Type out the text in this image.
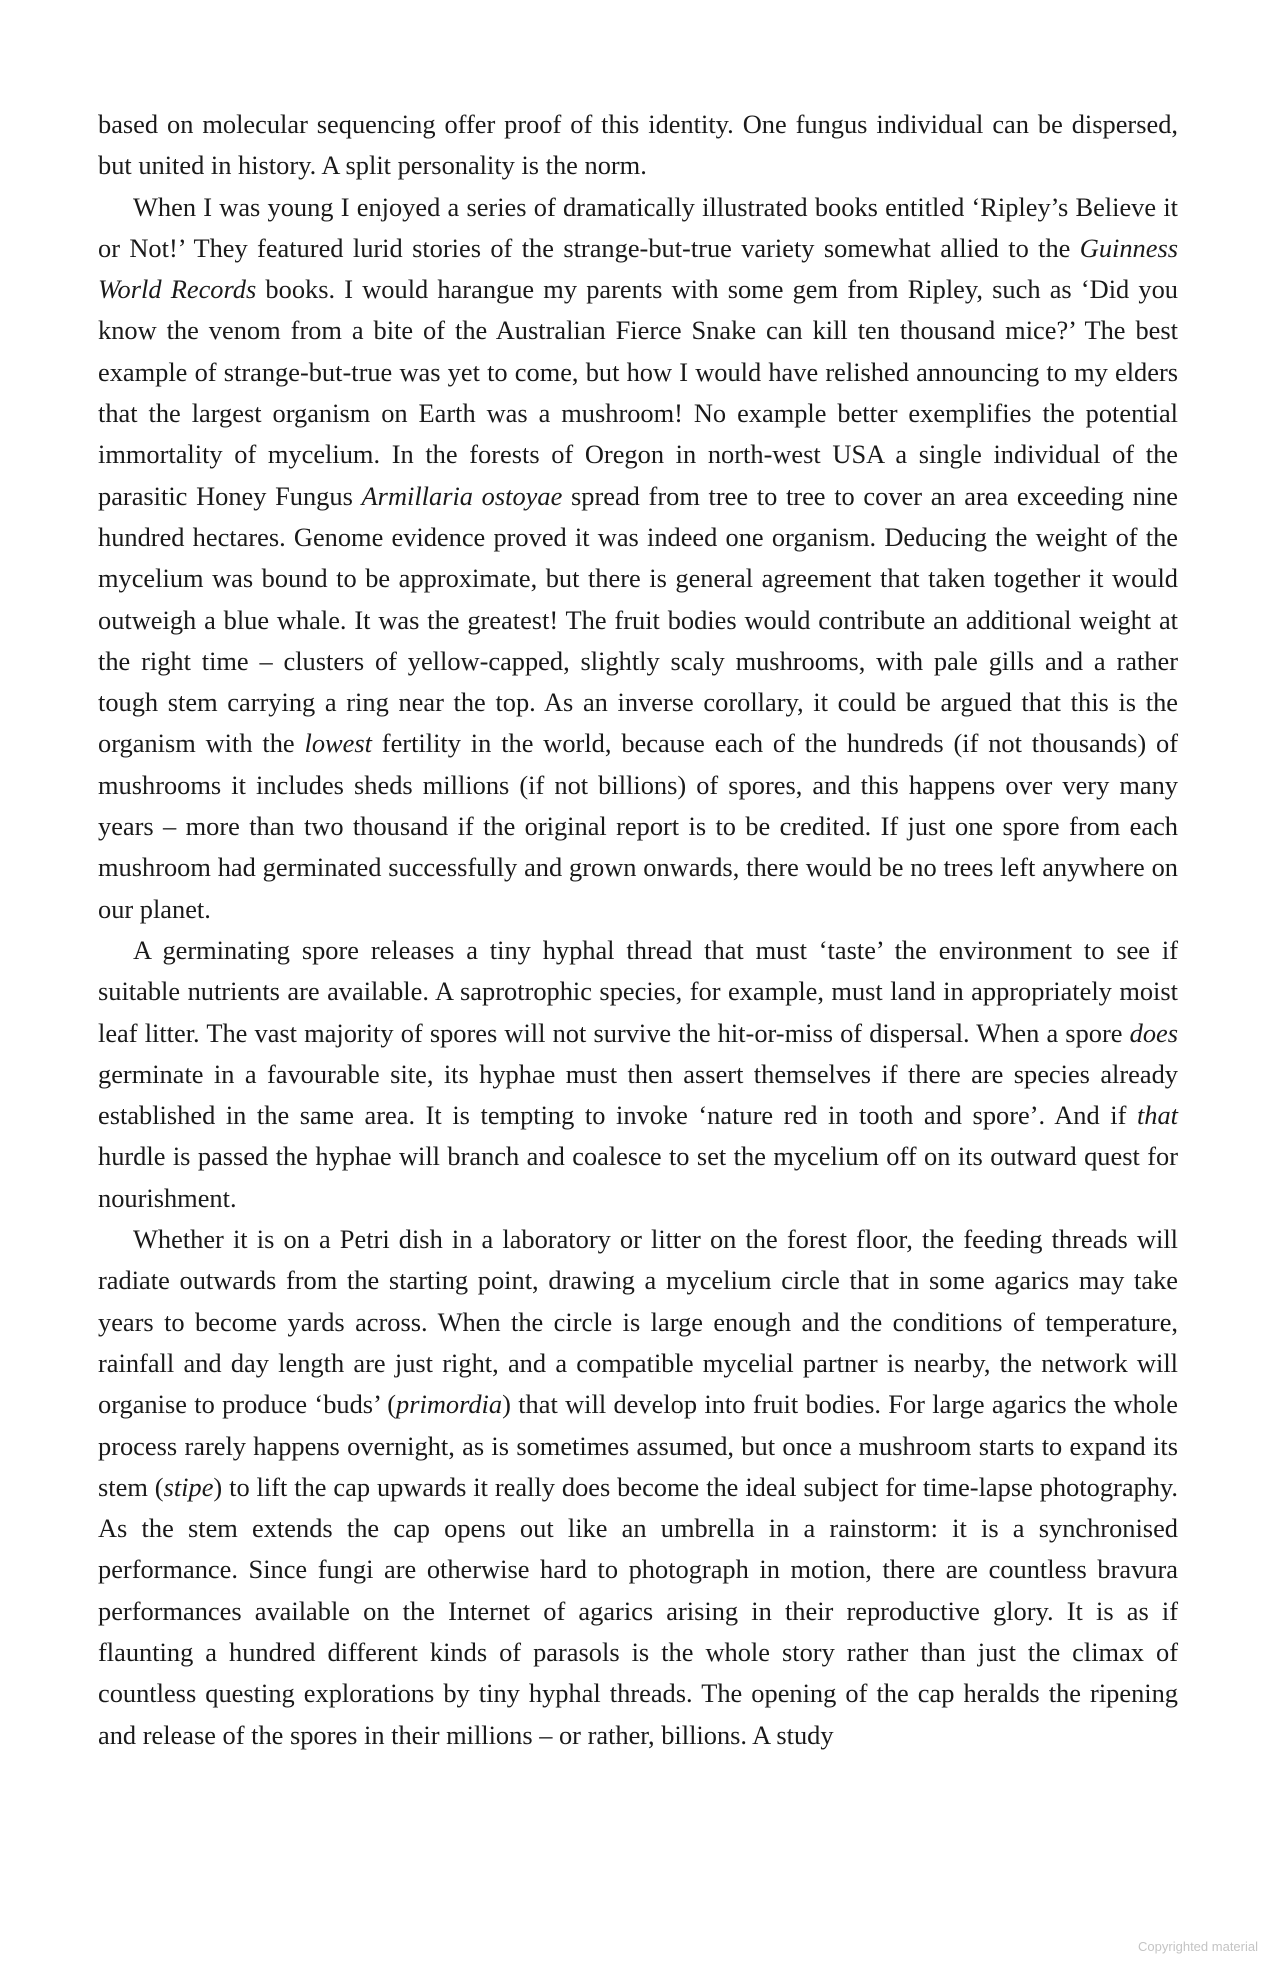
based on molecular sequencing offer proof of this identity. One fungus individual can be dispersed, but united in history. A split personality is the norm.

When I was young I enjoyed a series of dramatically illustrated books entitled ‘Ripley’s Believe it or Not!’ They featured lurid stories of the strange-but-true variety somewhat allied to the Guinness World Records books. I would harangue my parents with some gem from Ripley, such as ‘Did you know the venom from a bite of the Australian Fierce Snake can kill ten thousand mice?’ The best example of strange-but-true was yet to come, but how I would have relished announcing to my elders that the largest organism on Earth was a mushroom! No example better exemplifies the potential immortality of mycelium. In the forests of Oregon in north-west USA a single individual of the parasitic Honey Fungus Armillaria ostoyae spread from tree to tree to cover an area exceeding nine hundred hectares. Genome evidence proved it was indeed one organism. Deducing the weight of the mycelium was bound to be approximate, but there is general agreement that taken together it would outweigh a blue whale. It was the greatest! The fruit bodies would contribute an additional weight at the right time – clusters of yellow-capped, slightly scaly mushrooms, with pale gills and a rather tough stem carrying a ring near the top. As an inverse corollary, it could be argued that this is the organism with the lowest fertility in the world, because each of the hundreds (if not thousands) of mushrooms it includes sheds millions (if not billions) of spores, and this happens over very many years – more than two thousand if the original report is to be credited. If just one spore from each mushroom had germinated successfully and grown onwards, there would be no trees left anywhere on our planet.

A germinating spore releases a tiny hyphal thread that must ‘taste’ the environment to see if suitable nutrients are available. A saprotrophic species, for example, must land in appropriately moist leaf litter. The vast majority of spores will not survive the hit-or-miss of dispersal. When a spore does germinate in a favourable site, its hyphae must then assert themselves if there are species already established in the same area. It is tempting to invoke ‘nature red in tooth and spore’. And if that hurdle is passed the hyphae will branch and coalesce to set the mycelium off on its outward quest for nourishment.

Whether it is on a Petri dish in a laboratory or litter on the forest floor, the feeding threads will radiate outwards from the starting point, drawing a mycelium circle that in some agarics may take years to become yards across. When the circle is large enough and the conditions of temperature, rainfall and day length are just right, and a compatible mycelial partner is nearby, the network will organise to produce ‘buds’ (primordia) that will develop into fruit bodies. For large agarics the whole process rarely happens overnight, as is sometimes assumed, but once a mushroom starts to expand its stem (stipe) to lift the cap upwards it really does become the ideal subject for time-lapse photography. As the stem extends the cap opens out like an umbrella in a rainstorm: it is a synchronised performance. Since fungi are otherwise hard to photograph in motion, there are countless bravura performances available on the Internet of agarics arising in their reproductive glory. It is as if flaunting a hundred different kinds of parasols is the whole story rather than just the climax of countless questing explorations by tiny hyphal threads. The opening of the cap heralds the ripening and release of the spores in their millions – or rather, billions. A study

Copyrighted material
